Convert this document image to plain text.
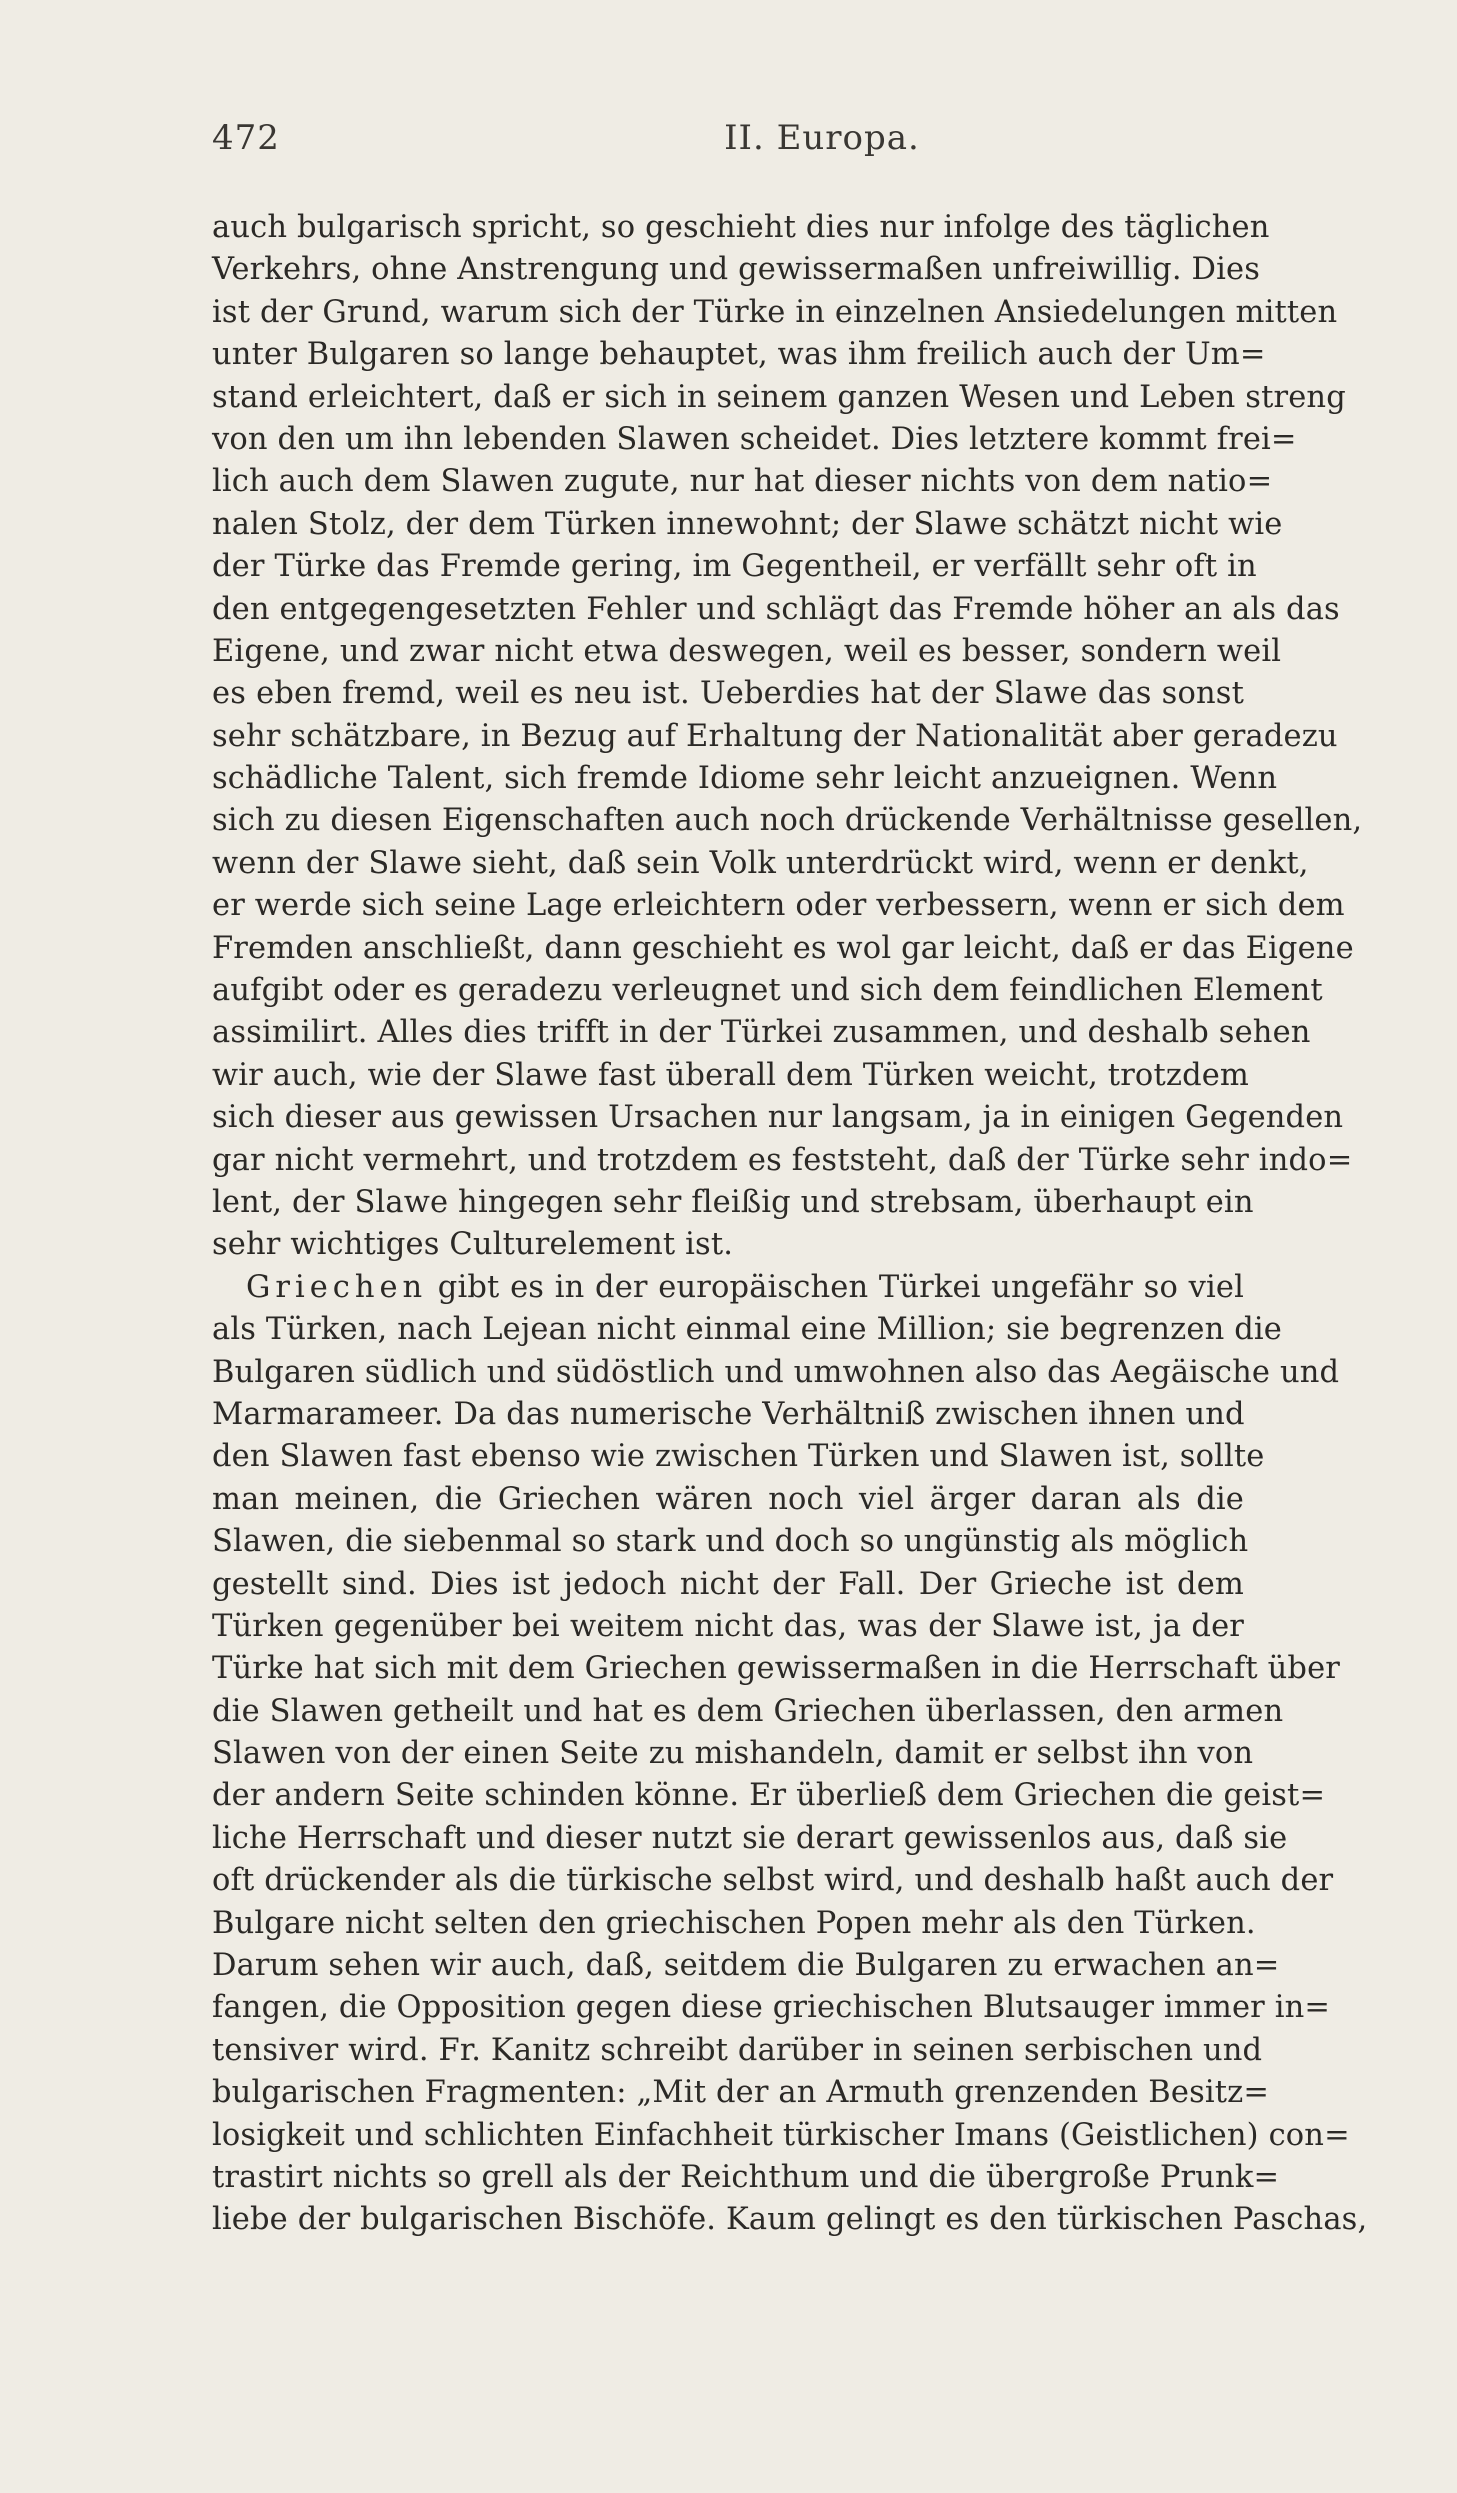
472	II. Europa.
auch bulgarisch spricht, so geschieht dies nur infolge des täglichen
Verkehrs, ohne Anstrengung und gewissermaßen unfreiwillig. Dies
ist der Grund, warum sich der Türke in einzelnen Ansiedelungen mitten
unter Bulgaren so lange behauptet, was ihm freilich auch der Um=
stand erleichtert, daß er sich in seinem ganzen Wesen und Leben streng
von den um ihn lebenden Slawen scheidet. Dies letztere kommt frei=
lich auch dem Slawen zugute, nur hat dieser nichts von dem natio=
nalen Stolz, der dem Türken innewohnt; der Slawe schätzt nicht wie
der Türke das Fremde gering, im Gegentheil, er verfällt sehr oft in
den entgegengesetzten Fehler und schlägt das Fremde höher an als das
Eigene, und zwar nicht etwa deswegen, weil es besser, sondern weil
es eben fremd, weil es neu ist. Ueberdies hat der Slawe das sonst
sehr schätzbare, in Bezug auf Erhaltung der Nationalität aber geradezu
schädliche Talent, sich fremde Idiome sehr leicht anzueignen. Wenn
sich zu diesen Eigenschaften auch noch drückende Verhältnisse gesellen,
wenn der Slawe sieht, daß sein Volk unterdrückt wird, wenn er denkt,
er werde sich seine Lage erleichtern oder verbessern, wenn er sich dem
Fremden anschließt, dann geschieht es wol gar leicht, daß er das Eigene
aufgibt oder es geradezu verleugnet und sich dem feindlichen Element
assimilirt. Alles dies trifft in der Türkei zusammen, und deshalb sehen
wir auch, wie der Slawe fast überall dem Türken weicht, trotzdem
sich dieser aus gewissen Ursachen nur langsam, ja in einigen Gegenden
gar nicht vermehrt, und trotzdem es feststeht, daß der Türke sehr indo=
lent, der Slawe hingegen sehr fleißig und strebsam, überhaupt ein
sehr wichtiges Culturelement ist.
Griechen gibt es in der europäischen Türkei ungefähr so viel
als Türken, nach Lejean nicht einmal eine Million; sie begrenzen die
Bulgaren südlich und südöstlich und umwohnen also das Aegäische und
Marmarameer. Da das numerische Verhältniß zwischen ihnen und
den Slawen fast ebenso wie zwischen Türken und Slawen ist, sollte
man meinen, die Griechen wären noch viel ärger daran als die
Slawen, die siebenmal so stark und doch so ungünstig als möglich
gestellt sind. Dies ist jedoch nicht der Fall. Der Grieche ist dem
Türken gegenüber bei weitem nicht das, was der Slawe ist, ja der
Türke hat sich mit dem Griechen gewissermaßen in die Herrschaft über
die Slawen getheilt und hat es dem Griechen überlassen, den armen
Slawen von der einen Seite zu mishandeln, damit er selbst ihn von
der andern Seite schinden könne. Er überließ dem Griechen die geist=
liche Herrschaft und dieser nutzt sie derart gewissenlos aus, daß sie
oft drückender als die türkische selbst wird, und deshalb haßt auch der
Bulgare nicht selten den griechischen Popen mehr als den Türken.
Darum sehen wir auch, daß, seitdem die Bulgaren zu erwachen an=
fangen, die Opposition gegen diese griechischen Blutsauger immer in=
tensiver wird. Fr. Kanitz schreibt darüber in seinen serbischen und
bulgarischen Fragmenten: „Mit der an Armuth grenzenden Besitz=
losigkeit und schlichten Einfachheit türkischer Imans (Geistlichen) con=
trastirt nichts so grell als der Reichthum und die übergroße Prunk=
liebe der bulgarischen Bischöfe. Kaum gelingt es den türkischen Paschas,
